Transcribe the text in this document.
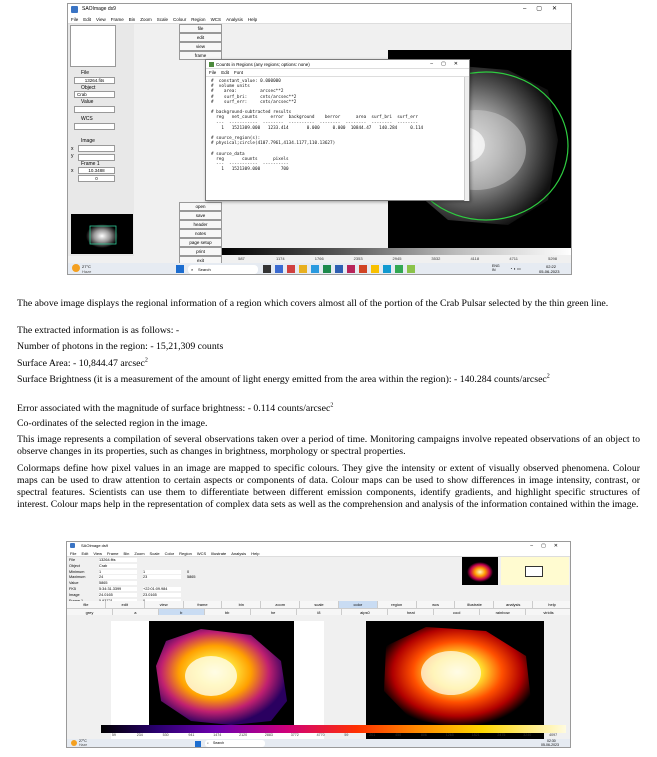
SAOImage ds9	–▢✕
File Edit View Frame Bin Zoom Scale Colour Region WCS Analysis Help
File
13264.fits
Object
Crab
Value
WCS
Image
x
y
Frame 1
x	10.3488
0
file
edit
view
frame
open
save
header
notes
page setup
print
exit	587	1174	1766	2353	2945	3532	4118	4711	5298
27°C
Haze	⌕ Search
ENG
IN	◔ ◖ ▭	02:22
05-06-2023
Counts in Regions (any regions; options: none)	–▢✕
File Edit Font
#  constant_value: 0.000000
#  volume units
#    area:         arcsec**2
#    surf_bri:     cnts/arcsec**2
#    surf_err:     cnts/arcsec**2

# background-subtracted results
reg   net_counts     error  background    berror      area  surf_bri  surf_err
---  -----------  --------  ----------  --------  --------  --------  --------
1   1521309.000   1233.414       0.000     0.000  10844.47   140.284     0.114

# source_region(s):
# physical;circle(4107.7961,4134.1177,110.13627)

# source_data
reg       counts      pixels
---  -----------  ----------
1   1521309.000        700
The above image displays the regional information of a region which covers almost all of the portion of the Crab Pulsar selected by the thin green line.
The extracted information is as follows: -
Number of photons in the region: - 15,21,309 counts
Surface Area: - 10,844.47 arcsec$^2$
Surface Brightness (it is a measurement of the amount of light energy emitted from the area within the region): - 140.284 counts/arcsec$^2$
Error associated with the magnitude of surface brightness: - 0.114 counts/arcsec$^2$
Co-ordinates of the selected region in the image.
This image represents a compilation of several observations taken over a period of time. Monitoring campaigns involve repeated observations of an object to observe changes in its properties, such as changes in brightness, morphology or spectral properties.
Colormaps define how pixel values in an image are mapped to specific colours. They give the intensity or extent of visually observed phenomena. Colour maps can be used to draw attention to certain aspects or components of data. Colour maps can be used to show differences in image intensity, contrast, or spectral features. Scientists can use them to differentiate between different emission components, identify gradients, and highlight specific structures of interest. Colour maps help in the representation of complex data sets as well as the comprehension and analysis of the information contained within the image.
SAOImage ds9	–▢✕
File Edit View Frame Bin Zoom Scale Color Region WCS Illustrate Analysis Help
File	13264.fits
Object	Crab
Minimum	1	1	0
Maximum	24	23	5865
Value	5865
FK5	5:34:31.3399	+22:01:09.984
Image	24.0165	23.0165
file	edit	view	frame	bin	zoom	scale	color	region	wcs	illustrate	analysis	help
grey	a	b	bb	he	i8	aips0	heat	cool	rainbow	viridis
59	234	530	941	1474	2120	2883	3772	4770	59	201	450	806	1265	1821	2475	3240	4097
27°C
Haze	⌕ Search	02:30
05-06-2023
